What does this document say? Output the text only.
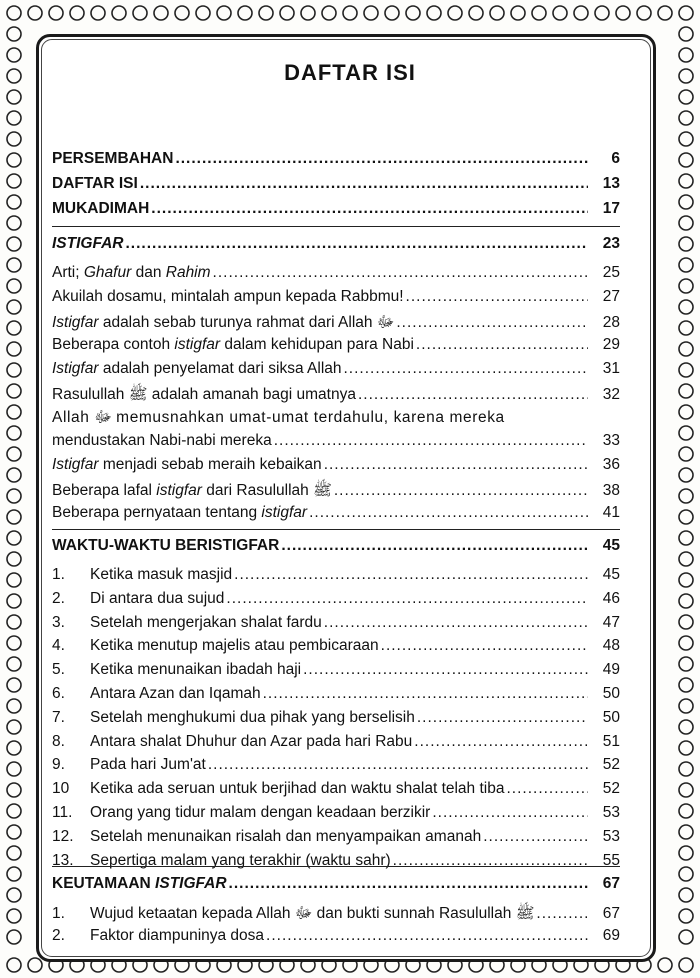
DAFTAR ISI
PERSEMBAHAN .....	6
DAFTAR ISI .....	13
MUKADIMAH .....	17
ISTIGFAR .....	23
Arti; Ghafur dan Rahim .....	25
Akuilah dosamu, mintalah ampun kepada Rabbmu! .....	27
Istigfar adalah sebab turunya rahmat dari Allah ﷻ .....	28
Beberapa contoh istigfar dalam kehidupan para Nabi .....	29
Istigfar adalah penyelamat dari siksa Allah .....	31
Rasulullah ﷺ adalah amanah bagi umatnya .....	32
Allah ﷻ memusnahkan umat-umat terdahulu, karena mereka
mendustakan Nabi-nabi mereka .....	33
Istigfar menjadi sebab meraih kebaikan .....	36
Beberapa lafal istigfar dari Rasulullah ﷺ .....	38
Beberapa pernyataan tentang istigfar .....	41
WAKTU-WAKTU BERISTIGFAR .....	45
1. Ketika masuk masjid .....	45
2. Di antara dua sujud .....	46
3. Setelah mengerjakan shalat fardu .....	47
4. Ketika menutup majelis atau pembicaraan .....	48
5. Ketika menunaikan ibadah haji .....	49
6. Antara Azan dan Iqamah .....	50
7. Setelah menghukumi dua pihak yang berselisih .....	50
8. Antara shalat Dhuhur dan Azar pada hari Rabu .....	51
9. Pada hari Jum'at .....	52
10 Ketika ada seruan untuk berjihad dan waktu shalat telah tiba .....	52
11. Orang yang tidur malam dengan keadaan berzikir .....	53
12. Setelah menunaikan risalah dan menyampaikan amanah .....	53
13. Sepertiga malam yang terakhir (waktu sahr) .....	55
KEUTAMAAN ISTIGFAR .....	67
1. Wujud ketaatan kepada Allah ﷻ dan bukti sunnah Rasulullah ﷺ .....	67
2. Faktor diampuninya dosa .....	69
